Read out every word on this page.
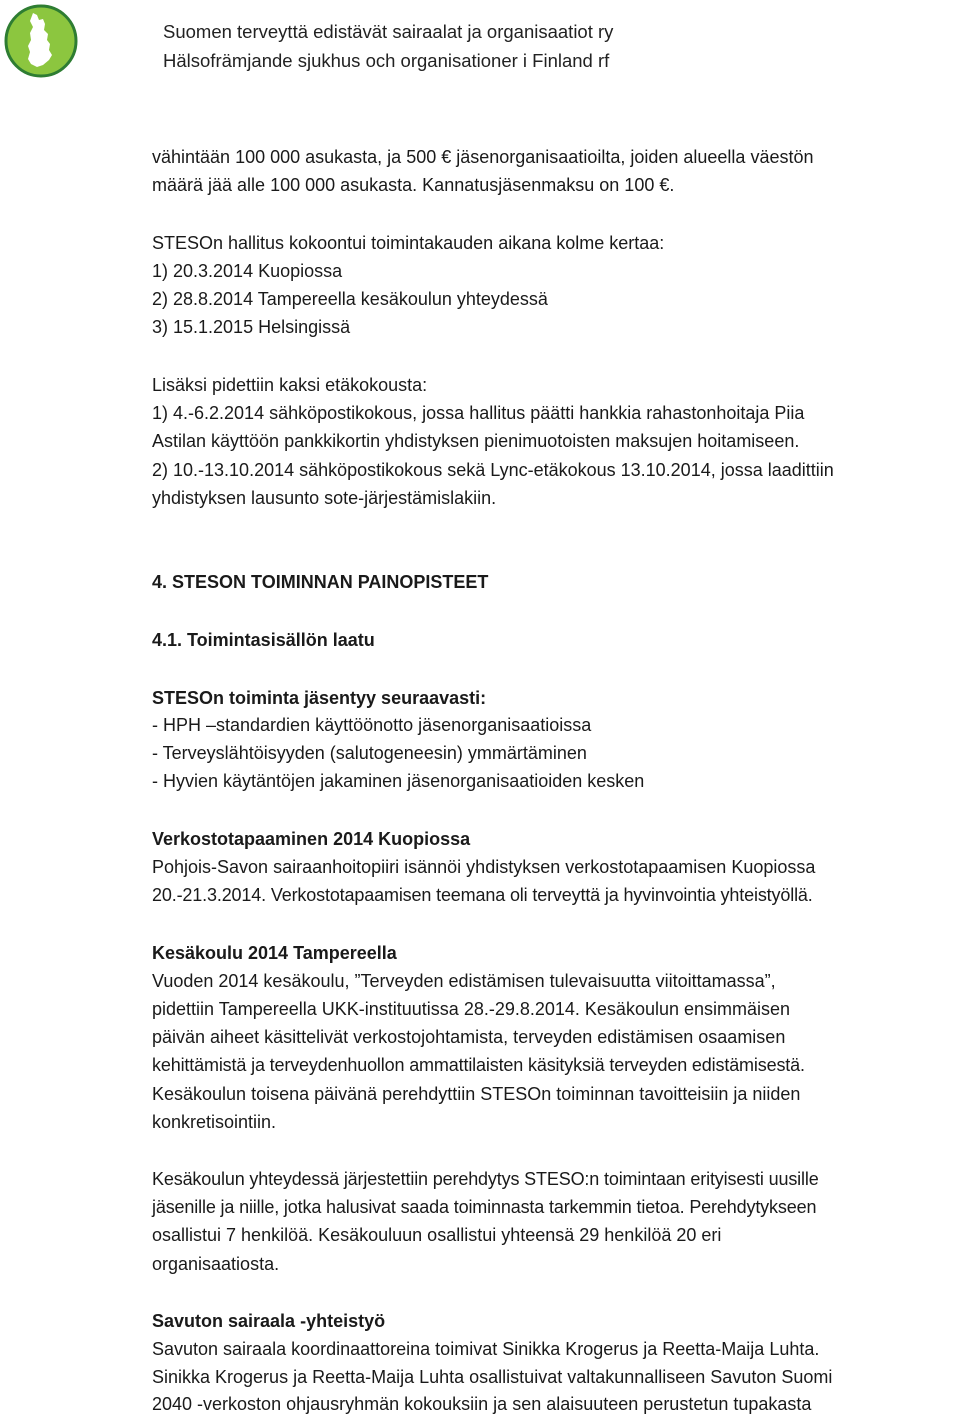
Suomen terveyttä edistävät sairaalat ja organisaatiot ry
Hälsofrämjande sjukhus och organisationer i Finland rf
vähintään 100 000 asukasta, ja 500 € jäsenorganisaatioilta, joiden alueella väestön
määrä jää alle 100 000 asukasta. Kannatusjäsenmaksu on 100 €.
STESOn hallitus kokoontui toimintakauden aikana kolme kertaa:
1) 20.3.2014 Kuopiossa
2) 28.8.2014 Tampereella kesäkoulun yhteydessä
3) 15.1.2015 Helsingissä
Lisäksi pidettiin kaksi etäkokousta:
1) 4.-6.2.2014 sähköpostikokous, jossa hallitus päätti hankkia rahastonhoitaja Piia
Astilan käyttöön pankkikortin yhdistyksen pienimuotoisten maksujen hoitamiseen.
2) 10.-13.10.2014 sähköpostikokous sekä Lync-etäkokous 13.10.2014, jossa laadittiin
yhdistyksen lausunto sote-järjestämislakiin.
4. STESON TOIMINNAN PAINOPISTEET
4.1. Toimintasisällön laatu
STESOn toiminta jäsentyy seuraavasti:
- HPH –standardien käyttöönotto jäsenorganisaatioissa
- Terveyslähtöisyyden (salutogeneesin) ymmärtäminen
- Hyvien käytäntöjen jakaminen jäsenorganisaatioiden kesken
Verkostotapaaminen 2014 Kuopiossa
Pohjois-Savon sairaanhoitopiiri isännöi yhdistyksen verkostotapaamisen Kuopiossa
20.-21.3.2014. Verkostotapaamisen teemana oli terveyttä ja hyvinvointia yhteistyöllä.
Kesäkoulu 2014 Tampereella
Vuoden 2014 kesäkoulu, ”Terveyden edistämisen tulevaisuutta viitoittamassa”,
pidettiin Tampereella UKK-instituutissa 28.-29.8.2014. Kesäkoulun ensimmäisen
päivän aiheet käsittelivät verkostojohtamista, terveyden edistämisen osaamisen
kehittämistä ja terveydenhuollon ammattilaisten käsityksiä terveyden edistämisestä.
Kesäkoulun toisena päivänä perehdyttiin STESOn toiminnan tavoitteisiin ja niiden
konkretisointiin.
Kesäkoulun yhteydessä järjestettiin perehdytys STESO:n toimintaan erityisesti uusille
jäsenille ja niille, jotka halusivat saada toiminnasta tarkemmin tietoa. Perehdytykseen
osallistui 7 henkilöä. Kesäkouluun osallistui yhteensä 29 henkilöä 20 eri
organisaatiosta.
Savuton sairaala -yhteistyö
Savuton sairaala koordinaattoreina toimivat Sinikka Krogerus ja Reetta-Maija Luhta.
Sinikka Krogerus ja Reetta-Maija Luhta osallistuivat valtakunnalliseen Savuton Suomi
2040 -verkoston ohjausryhmän kokouksiin ja sen alaisuuteen perustetun tupakasta
